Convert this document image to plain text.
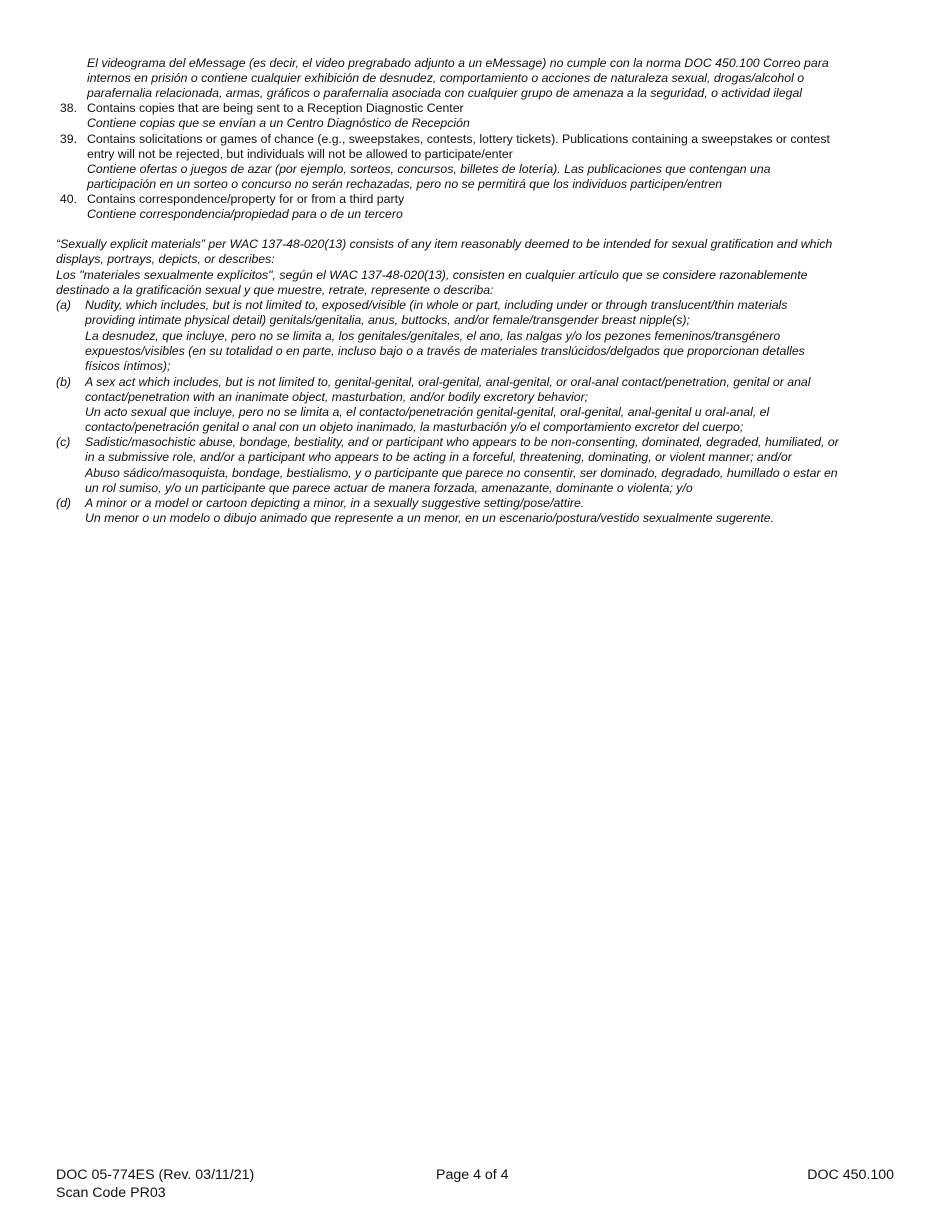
El videograma del eMessage (es decir, el video pregrabado adjunto a un eMessage) no cumple con la norma DOC 450.100 Correo para
internos en prisión o contiene cualquier exhibición de desnudez, comportamiento o acciones de naturaleza sexual, drogas/alcohol o
parafernalia relacionada, armas, gráficos o parafernalia asociada con cualquier grupo de amenaza a la seguridad, o actividad ilegal
38. Contains copies that are being sent to a Reception Diagnostic Center
Contiene copias que se envían a un Centro Diagnóstico de Recepción
39. Contains solicitations or games of chance (e.g., sweepstakes, contests, lottery tickets). Publications containing a sweepstakes or contest
entry will not be rejected, but individuals will not be allowed to participate/enter
Contiene ofertas o juegos de azar (por ejemplo, sorteos, concursos, billetes de lotería). Las publicaciones que contengan una
participación en un sorteo o concurso no serán rechazadas, pero no se permitirá que los individuos participen/entren
40. Contains correspondence/property for or from a third party
Contiene correspondencia/propiedad para o de un tercero
“Sexually explicit materials” per WAC 137-48-020(13) consists of any item reasonably deemed to be intended for sexual gratification and which
displays, portrays, depicts, or describes:
Los "materiales sexualmente explícitos", según el WAC 137-48-020(13), consisten en cualquier artículo que se considere razonablemente
destinado a la gratificación sexual y que muestre, retrate, represente o describa:
(a) Nudity, which includes, but is not limited to, exposed/visible (in whole or part, including under or through translucent/thin materials
providing intimate physical detail) genitals/genitalia, anus, buttocks, and/or female/transgender breast nipple(s);
La desnudez, que incluye, pero no se limita a, los genitales/genitales, el ano, las nalgas y/o los pezones femeninos/transgénero
expuestos/visibles (en su totalidad o en parte, incluso bajo o a través de materiales translúcidos/delgados que proporcionan detalles
físicos íntimos);
(b) A sex act which includes, but is not limited to, genital-genital, oral-genital, anal-genital, or oral-anal contact/penetration, genital or anal
contact/penetration with an inanimate object, masturbation, and/or bodily excretory behavior;
Un acto sexual que incluye, pero no se limita a, el contacto/penetración genital-genital, oral-genital, anal-genital u oral-anal, el
contacto/penetración genital o anal con un objeto inanimado, la masturbación y/o el comportamiento excretor del cuerpo;
(c) Sadistic/masochistic abuse, bondage, bestiality, and or participant who appears to be non-consenting, dominated, degraded, humiliated, or
in a submissive role, and/or a participant who appears to be acting in a forceful, threatening, dominating, or violent manner; and/or
Abuso sádico/masoquista, bondage, bestialismo, y o participante que parece no consentir, ser dominado, degradado, humillado o estar en
un rol sumiso, y/o un participante que parece actuar de manera forzada, amenazante, dominante o violenta; y/o
(d) A minor or a model or cartoon depicting a minor, in a sexually suggestive setting/pose/attire.
Un menor o un modelo o dibujo animado que represente a un menor, en un escenario/postura/vestido sexualmente sugerente.
DOC 05-774ES (Rev. 03/11/21)
Scan Code PR03
Page 4 of 4	DOC 450.100
